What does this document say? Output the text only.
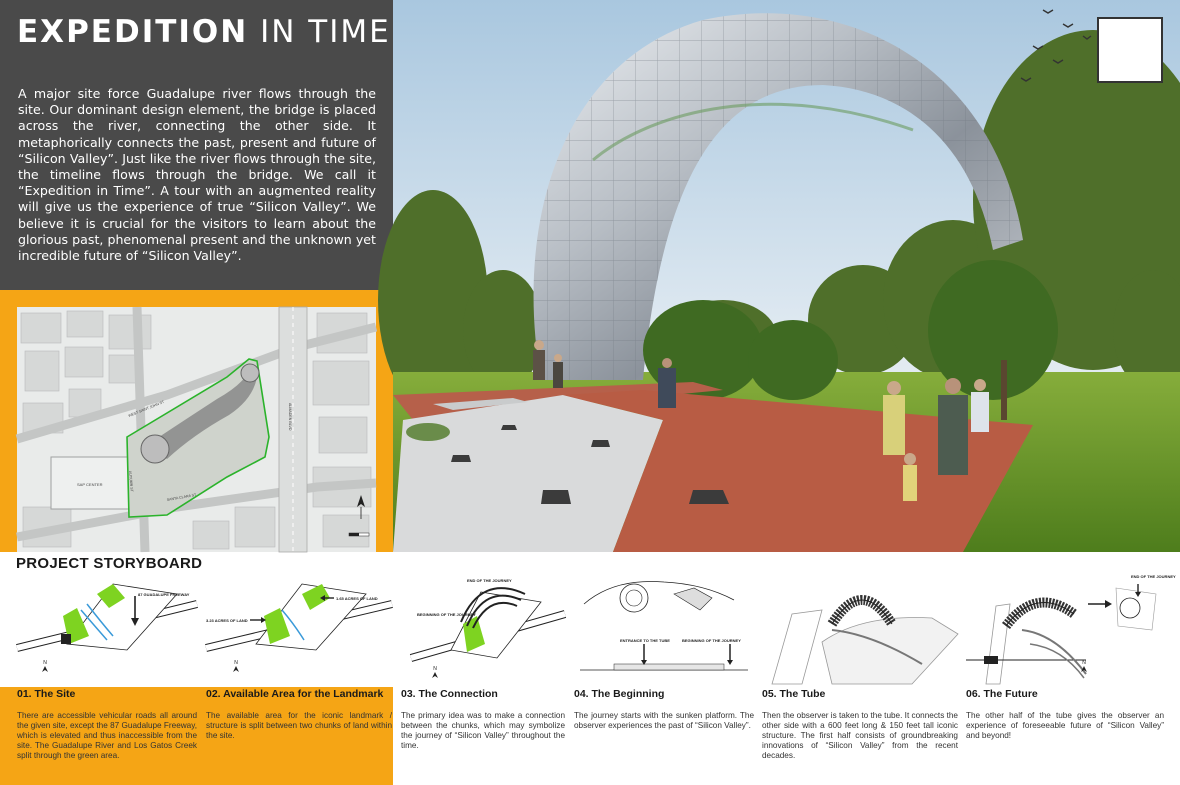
EXPEDITION IN TIME

A major site force Guadalupe river flows through the site. Our dominant design element, the bridge is placed across the river, connecting the other side. It metaphorically connects the past, present and future of “Silicon Valley”. Just like the river flows through the site, the timeline flows through the bridge. We call it “Expedition in Time”. A tour with an augmented reality will give us the experience of true “Silicon Valley”. We believe it is crucial for the visitors to learn about the glorious past, phenomenal present and the unknown yet incredible future of “Silicon Valley”.

SAP CENTER
WEST SAINT JOHN ST	ALMADEN BLVD
SANTA CLARA ST
AUTUMN ST
PROJECT STORYBOARD
87 GUADALUPE FREEWAY
N
01. The Site
There are accessible vehicular roads all around the given site, except the 87 Guadalupe Freeway, which is elevated and thus inaccessible from the site. The Guadalupe River and Los Gatos Creek split through the green area.
1.65 ACRES OF LAND
3.23 ACRES OF LAND
N
02. Available Area for the Landmark
The available area for the iconic landmark / structure is split between two chunks of land within the site.
END OF THE JOURNEY
BEGINNING OF THE JOURNEY
N
03. The Connection
The primary idea was to make a connection between the chunks, which may symbolize the journey of “Silicon Valley” throughout the time.
ENTRANCE TO THE TUBE	BEGINNING OF THE JOURNEY
04. The Beginning
The journey starts with the sunken platform. The observer experiences the past of “Silicon Valley”.
05. The Tube
Then the observer is taken to the tube. It connects the other side with a 600 feet long & 150 feet tall iconic structure. The first half consists of groundbreaking innovations of “Silicon Valley” from the recent decades.
END OF THE JOURNEY
N
06. The Future
The other half of the tube gives the observer an experience of foreseeable future of “Silicon Valley” and beyond!
